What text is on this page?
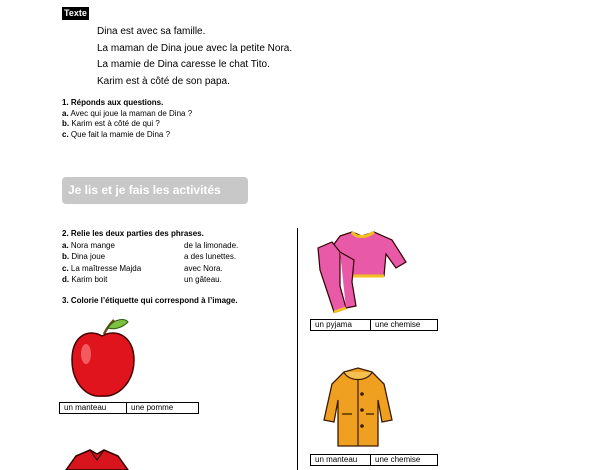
Texte
Dina est avec sa famille.
La maman de Dina joue avec la petite Nora.
La mamie de Dina caresse le chat Tito.
Karim est à côté de son papa.
1. Réponds aux questions.
a. Avec qui joue la maman de Dina ?
b. Karim est à côté de qui ?
c. Que fait la mamie de Dina ?
Je lis et je fais les activités
2. Relie les deux parties des phrases.
a. Nora mange	de la limonade.
b. Dina joue	a des lunettes.
c. La maîtresse Majda	avec Nora.
d. Karim boit	un gâteau.
3. Colorie l’étiquette qui correspond à l’image.
un manteau	une pomme
un pyjama	une chemise
un manteau	une chemise
